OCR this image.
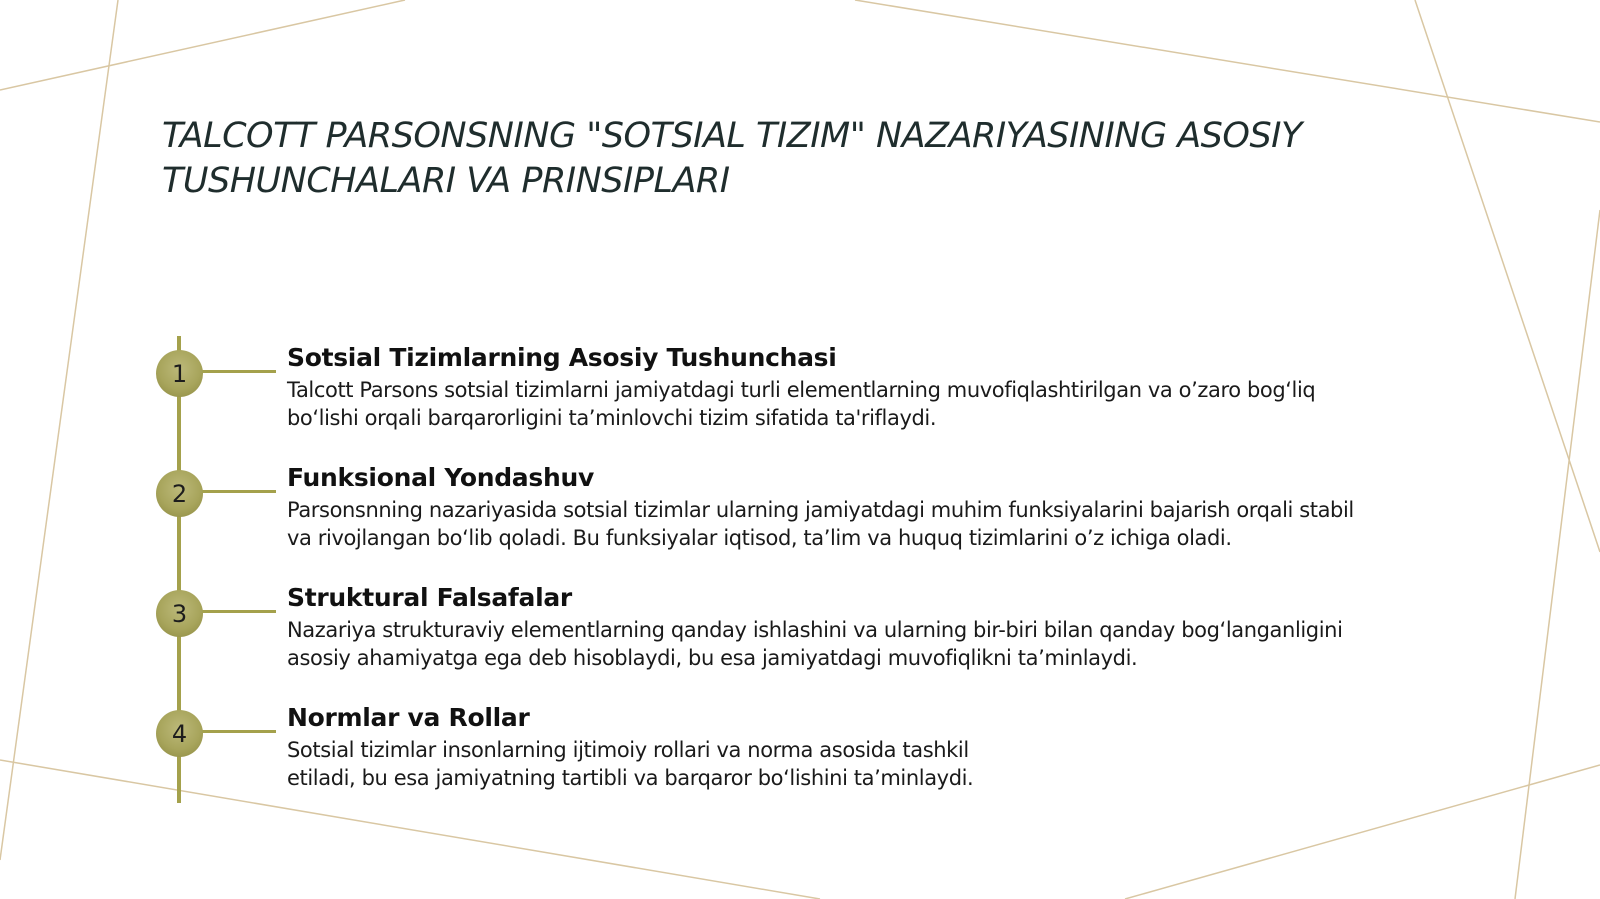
TALCOTT PARSONSNING "SOTSIAL TIZIM" NAZARIYASINING ASOSIY
TUSHUNCHALARI VA PRINSIPLARI
1
Sotsial Tizimlarning Asosiy Tushunchasi
Talcott Parsons sotsial tizimlarni jamiyatdagi turli elementlarning muvofiqlashtirilgan va o’zaro bog‘liq
bo‘lishi orqali barqarorligini ta’minlovchi tizim sifatida ta'riflaydi.
2
Funksional Yondashuv
Parsonsnning nazariyasida sotsial tizimlar ularning jamiyatdagi muhim funksiyalarini bajarish orqali stabil
va rivojlangan bo‘lib qoladi. Bu funksiyalar iqtisod, ta’lim va huquq tizimlarini o’z ichiga oladi.
3
Struktural Falsafalar
Nazariya strukturaviy elementlarning qanday ishlashini va ularning bir-biri bilan qanday bog‘langanligini
asosiy ahamiyatga ega deb hisoblaydi, bu esa jamiyatdagi muvofiqlikni ta’minlaydi.
4
Normlar va Rollar
Sotsial tizimlar insonlarning ijtimoiy rollari va norma asosida tashkil
etiladi, bu esa jamiyatning tartibli va barqaror bo‘lishini ta’minlaydi.
